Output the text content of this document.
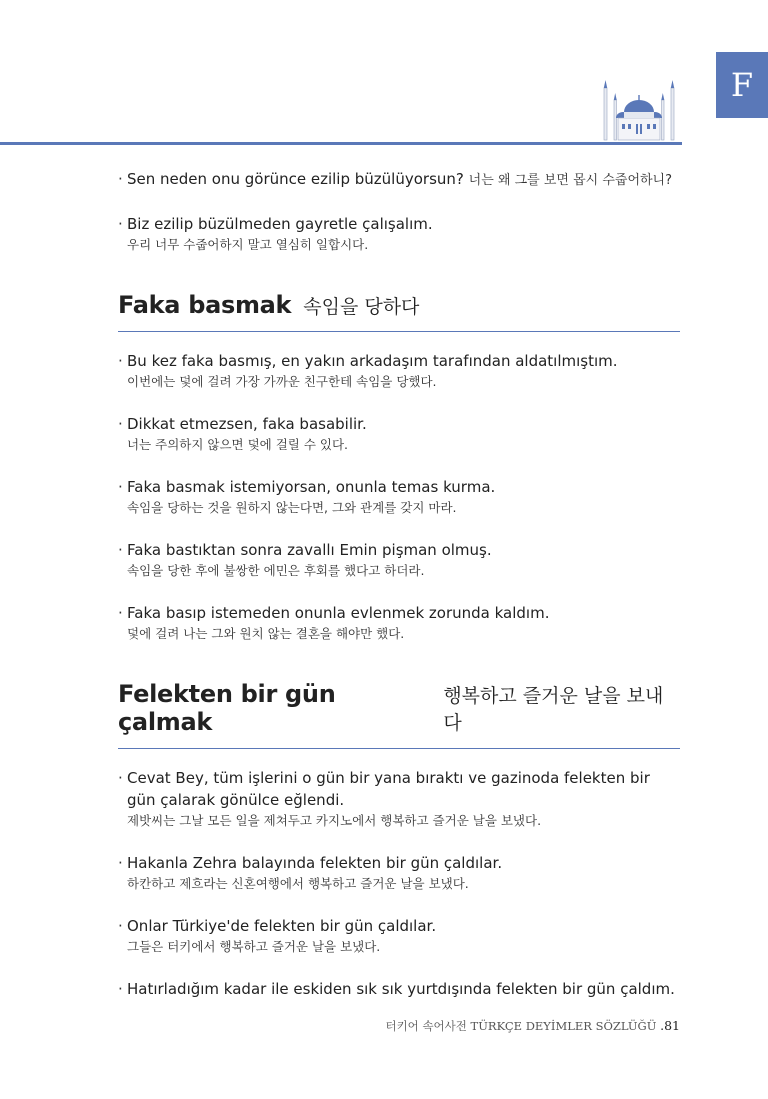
F
· Sen neden onu görünce ezilip büzülüyorsun? 너는 왜 그를 보면 몹시 수줍어하니?
· Biz ezilip büzülmeden gayretle çalışalım.
우리 너무 수줍어하지 말고 열심히 일합시다.
Faka basmak 속임을 당하다
· Bu kez faka basmış, en yakın arkadaşım tarafından aldatılmıştım.
이번에는 덫에 걸려 가장 가까운 친구한테 속임을 당했다.
· Dikkat etmezsen, faka basabilir.
너는 주의하지 않으면 덫에 걸릴 수 있다.
· Faka basmak istemiyorsan, onunla temas kurma.
속임을 당하는 것을 원하지 않는다면, 그와 관계를 갖지 마라.
· Faka bastıktan sonra zavallı Emin pişman olmuş.
속임을 당한 후에 불쌍한 에민은 후회를 했다고 하더라.
· Faka basıp istemeden onunla evlenmek zorunda kaldım.
덫에 걸려 나는 그와 원치 않는 결혼을 해야만 했다.
Felekten bir gün çalmak
행복하고 즐거운 날을 보내다
· Cevat Bey, tüm işlerini o gün bir yana bıraktı ve gazinoda felekten bir gün çalarak gönülce eğlendi.
제밧씨는 그날 모든 일을 제쳐두고 카지노에서 행복하고 즐거운 날을 보냈다.
· Hakanla Zehra balayında felekten bir gün çaldılar.
하칸하고 제흐라는 신혼여행에서 행복하고 즐거운 날을 보냈다.
· Onlar Türkiye'de felekten bir gün çaldılar.
그들은 터키에서 행복하고 즐거운 날을 보냈다.
· Hatırladığım kadar ile eskiden sık sık yurtdışında felekten bir gün çaldım.
터키어 속어사전 TÜRKÇE DEYİMLER SÖZLÜĞÜ .81
